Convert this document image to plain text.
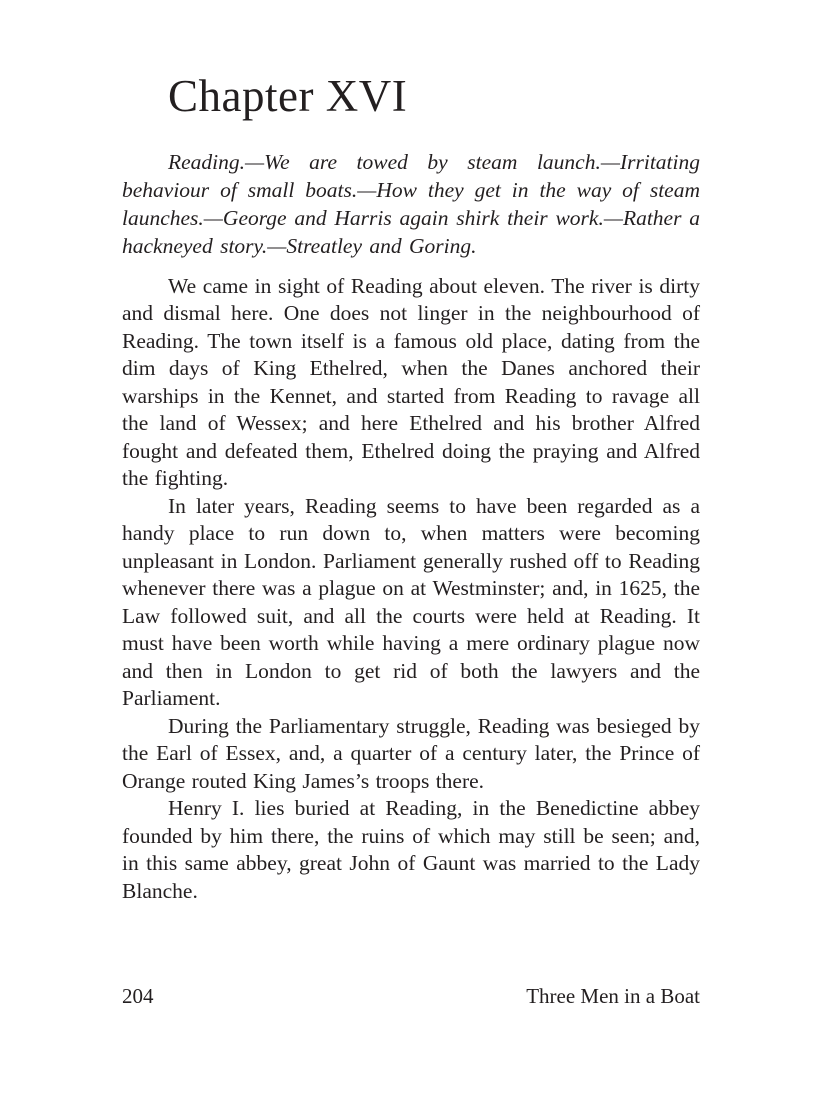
Chapter XVI

Reading.—We are towed by steam launch.—Irritating behaviour of small boats.—How they get in the way of steam launches.—George and Harris again shirk their work.—Rather a hackneyed story.—Streatley and Goring.

We came in sight of Reading about eleven. The river is dirty and dismal here. One does not linger in the neighbourhood of Reading. The town itself is a famous old place, dating from the dim days of King Ethelred, when the Danes anchored their warships in the Kennet, and started from Reading to ravage all the land of Wessex; and here Ethelred and his brother Alfred fought and defeated them, Ethelred doing the praying and Alfred the fighting.

In later years, Reading seems to have been regarded as a handy place to run down to, when matters were becoming unpleasant in London. Parliament generally rushed off to Reading whenever there was a plague on at Westminster; and, in 1625, the Law followed suit, and all the courts were held at Reading. It must have been worth while having a mere ordinary plague now and then in London to get rid of both the lawyers and the Parliament.

During the Parliamentary struggle, Reading was besieged by the Earl of Essex, and, a quarter of a century later, the Prince of Orange routed King James’s troops there.

Henry I. lies buried at Reading, in the Benedictine abbey founded by him there, the ruins of which may still be seen; and, in this same abbey, great John of Gaunt was married to the Lady Blanche.

204	Three Men in a Boat
